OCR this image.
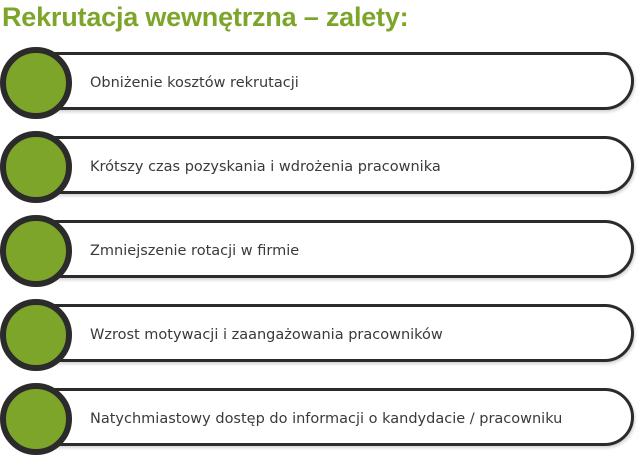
Rekrutacja wewnętrzna – zalety:
Obniżenie kosztów rekrutacji
Krótszy czas pozyskania i wdrożenia pracownika
Zmniejszenie rotacji w firmie
Wzrost motywacji i zaangażowania pracowników
Natychmiastowy dostęp do informacji o kandydacie / pracowniku
